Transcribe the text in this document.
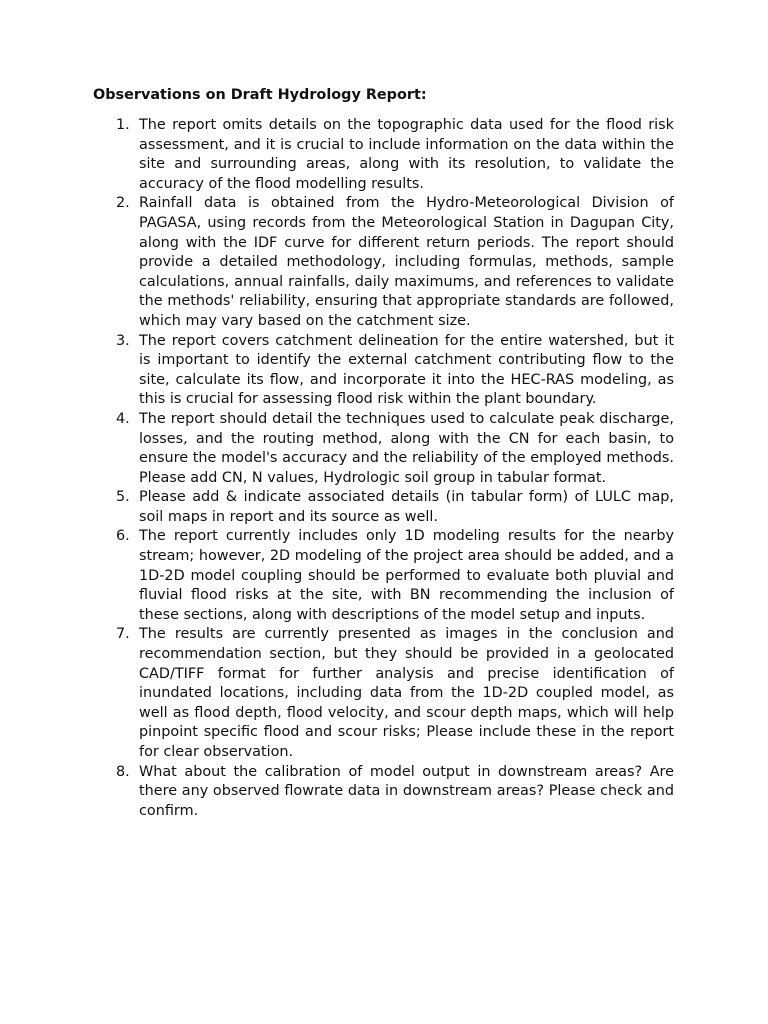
Observations on Draft Hydrology Report:
1. The report omits details on the topographic data used for the flood risk assessment, and it is crucial to include information on the data within the site and surrounding areas, along with its resolution, to validate the accuracy of the flood modelling results.
2. Rainfall data is obtained from the Hydro-Meteorological Division of PAGASA, using records from the Meteorological Station in Dagupan City, along with the IDF curve for different return periods. The report should provide a detailed methodology, including formulas, methods, sample calculations, annual rainfalls, daily maximums, and references to validate the methods' reliability, ensuring that appropriate standards are followed, which may vary based on the catchment size.
3. The report covers catchment delineation for the entire watershed, but it is important to identify the external catchment contributing flow to the site, calculate its flow, and incorporate it into the HEC-RAS modeling, as this is crucial for assessing flood risk within the plant boundary.
4. The report should detail the techniques used to calculate peak discharge, losses, and the routing method, along with the CN for each basin, to ensure the model's accuracy and the reliability of the employed methods. Please add CN, N values, Hydrologic soil group in tabular format.
5. Please add & indicate associated details (in tabular form) of LULC map, soil maps in report and its source as well.
6. The report currently includes only 1D modeling results for the nearby stream; however, 2D modeling of the project area should be added, and a 1D-2D model coupling should be performed to evaluate both pluvial and fluvial flood risks at the site, with BN recommending the inclusion of these sections, along with descriptions of the model setup and inputs.
7. The results are currently presented as images in the conclusion and recommendation section, but they should be provided in a geolocated CAD/TIFF format for further analysis and precise identification of inundated locations, including data from the 1D-2D coupled model, as well as flood depth, flood velocity, and scour depth maps, which will help pinpoint specific flood and scour risks; Please include these in the report for clear observation.
8. What about the calibration of model output in downstream areas? Are there any observed flowrate data in downstream areas? Please check and confirm.
